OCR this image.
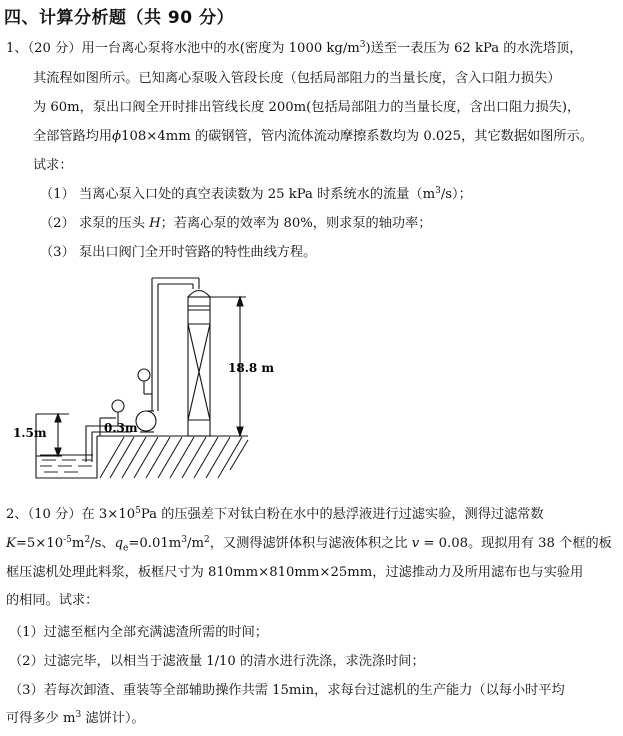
四、计算分析题（共 90 分）
1、（20 分）用一台离心泵将水池中的水(密度为 1000 $kg/m^3$)送至一表压为 62 kPa 的水洗塔顶，
其流程如图所示。已知离心泵吸入管段长度（包括局部阻力的当量长度，含入口阻力损失）
为 60m，泵出口阀全开时排出管线长度 200m(包括局部阻力的当量长度，含出口阻力损失)，
全部管路均用ϕ108×4mm 的碳钢管，管内流体流动摩擦系数均为 0.025，其它数据如图所示。
试求：
（1） 当离心泵入口处的真空表读数为 25 kPa 时系统水的流量$(m^3/s)$；
（2） 求泵的压头 H；若离心泵的效率为 80%，则求泵的轴功率；
（3） 泵出口阀门全开时管路的特性曲线方程。
18.8 m
1.5m	0.3m
2、（10 分）在 $3\times 10^5Pa$ 的压强差下对钛白粉在水中的悬浮液进行过滤实验，测得过滤常数
$K=5\times 10^{-5}m^2/s$、$q_e=0.01m^3/m^2$，又测得滤饼体积与滤液体积之比 v = 0.08。现拟用有 38 个框的板
框压滤机处理此料浆，板框尺寸为 810mm×810mm×25mm，过滤推动力及所用滤布也与实验用
的相同。试求：
（1）过滤至框内全部充满滤渣所需的时间；
（2）过滤完毕，以相当于滤液量 1/10 的清水进行洗涤，求洗涤时间；
（3）若每次卸渣、重装等全部辅助操作共需 15min，求每台过滤机的生产能力（以每小时平均
可得多少 $m^3$ 滤饼计）。
